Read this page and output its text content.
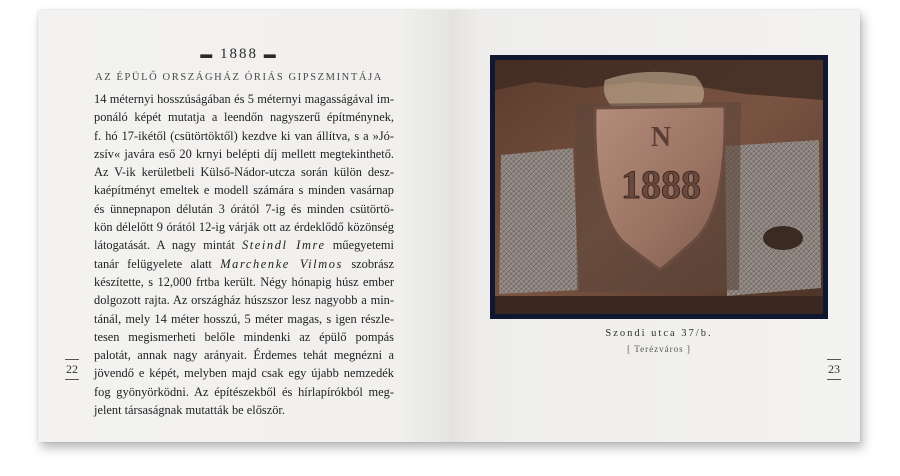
▬ 1888 ▬
AZ ÉPÜLŐ ORSZÁGHÁZ ÓRIÁS GIPSZMINTÁJA
14 méternyi hosszúságában és 5 méternyi magasságával im-
ponáló képét mutatja a leendőn nagyszerű építménynek,
f. hó 17-ikétől (csütörtöktől) kezdve ki van állítva, s a »Jó-
zsív« javára eső 20 krnyi belépti díj mellett megtekinthető.
Az V-ik kerületbeli Külső-Nádor-utcza során külön desz-
kaépítményt emeltek e modell számára s minden vasárnap
és ünnepnapon délután 3 órától 7-ig és minden csütörtö-
kön délelőtt 9 órától 12-ig várják ott az érdeklődő közönség
látogatását. A nagy mintát Steindl Imre műegyetemi
tanár felügyelete alatt Marchenke Vilmos szobrász
készítette, s 12,000 frtba került. Négy hónapig húsz ember
dolgozott rajta. Az országház húszszor lesz nagyobb a min-
tánál, mely 14 méter hosszú, 5 méter magas, s igen részle-
tesen megismerheti belőle mindenki az épülő pompás
palotát, annak nagy arányait. Érdemes tehát megnézni a
jövendő e képét, melyben majd csak egy újabb nemzedék
fog gyönyörködni. Az építészekből és hírlapírókból meg-
jelent társaságnak mutatták be először.
22
N
1888
Szondi utca 37/b.
[ Terézváros ]
23
